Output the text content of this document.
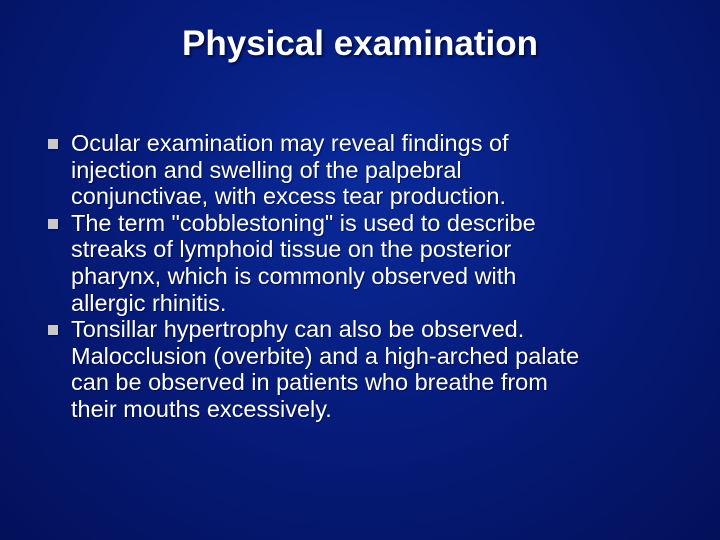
Physical examination
Ocular examination may reveal findings of
injection and swelling of the palpebral
conjunctivae, with excess tear production.
The term "cobblestoning" is used to describe
streaks of lymphoid tissue on the posterior
pharynx, which is commonly observed with
allergic rhinitis.
Tonsillar hypertrophy can also be observed.
Malocclusion (overbite) and a high-arched palate
can be observed in patients who breathe from
their mouths excessively.
